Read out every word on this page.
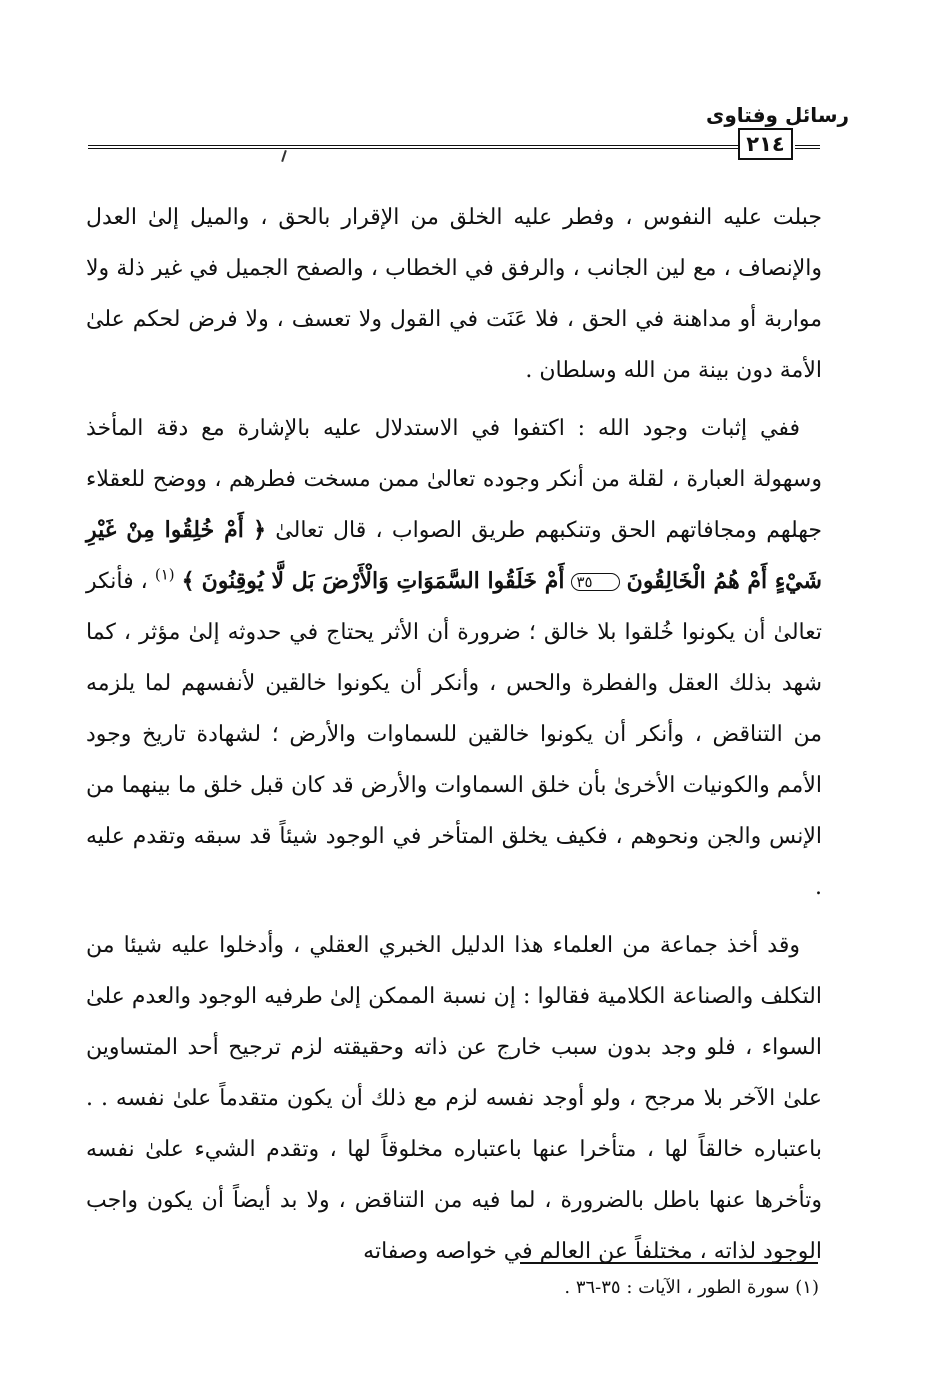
رسائل وفتاوى
٢١٤

جبلت عليه النفوس ، وفطر عليه الخلق من الإقرار بالحق ، والميل إلىٰ العدل والإنصاف ، مع لين الجانب ، والرفق في الخطاب ، والصفح الجميل في غير ذلة ولا مواربة أو مداهنة في الحق ، فلا عَنَت في القول ولا تعسف ، ولا فرض لحكم علىٰ الأمة دون بينة من الله وسلطان .

ففي إثبات وجود الله : اكتفوا في الاستدلال عليه بالإشارة مع دقة المأخذ وسهولة العبارة ، لقلة من أنكر وجوده تعالىٰ ممن مسخت فطرهم ، ووضح للعقلاء جهلهم ومجافاتهم الحق وتنكبهم طريق الصواب ، قال تعالىٰ ﴿ أَمْ خُلِقُوا مِنْ غَيْرِ شَيْءٍ أَمْ هُمُ الْخَالِقُونَ ٣٥ أَمْ خَلَقُوا السَّمَوَاتِ وَالْأَرْضَ بَل لَّا يُوقِنُونَ ﴾ $^{(١)}$ ، فأنكر تعالىٰ أن يكونوا خُلقوا بلا خالق ؛ ضرورة أن الأثر يحتاج في حدوثه إلىٰ مؤثر ، كما شهد بذلك العقل والفطرة والحس ، وأنكر أن يكونوا خالقين لأنفسهم لما يلزمه من التناقض ، وأنكر أن يكونوا خالقين للسماوات والأرض ؛ لشهادة تاريخ وجود الأمم والكونيات الأخرىٰ بأن خلق السماوات والأرض قد كان قبل خلق ما بينهما من الإنس والجن ونحوهم ، فكيف يخلق المتأخر في الوجود شيئاً قد سبقه وتقدم عليه .

وقد أخذ جماعة من العلماء هذا الدليل الخبري العقلي ، وأدخلوا عليه شيئا من التكلف والصناعة الكلامية فقالوا : إن نسبة الممكن إلىٰ طرفيه الوجود والعدم علىٰ السواء ، فلو وجد بدون سبب خارج عن ذاته وحقيقته لزم ترجيح أحد المتساوين علىٰ الآخر بلا مرجح ، ولو أوجد نفسه لزم مع ذلك أن يكون متقدماً علىٰ نفسه . . باعتباره خالقاً لها ، متأخرا عنها باعتباره مخلوقاً لها ، وتقدم الشيء علىٰ نفسه وتأخرها عنها باطل بالضرورة ، لما فيه من التناقض ، ولا بد أيضاً أن يكون واجب الوجود لذاته ، مختلفاً عن العالم في خواصه وصفاته

(١) سورة الطور ، الآيات : ٣٥-٣٦ .
